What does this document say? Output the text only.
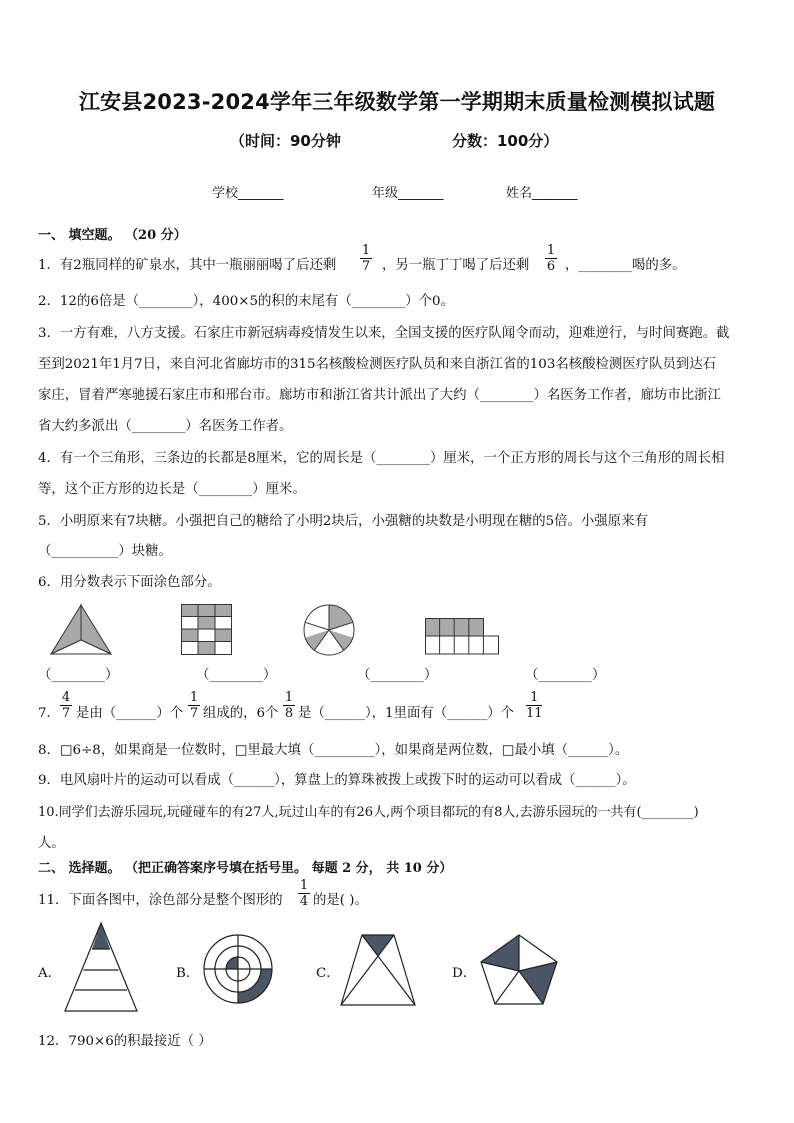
江安县2023-2024学年三年级数学第一学期期末质量检测模拟试题
（时间：90分钟	分数：100分）
学校_______	年级_______	姓名_______
一、 填空题。 （20 分）
1．有2瓶同样的矿泉水，其中一瓶丽丽喝了后还剩
1
7 ，另一瓶丁丁喝了后还剩
1
6 ，________喝的多。
2．12的6倍是（________），400×5的积的末尾有（________）个0。
3．一方有难，八方支援。石家庄市新冠病毒疫情发生以来，全国支援的医疗队闻令而动，迎难逆行，与时间赛跑。截
至到2021年1月7日，来自河北省廊坊市的315名核酸检测医疗队员和来自浙江省的103名核酸检测医疗队员到达石
家庄，冒着严寒驰援石家庄市和邢台市。廊坊市和浙江省共计派出了大约（________）名医务工作者，廊坊市比浙江
省大约多派出（________）名医务工作者。
4．有一个三角形，三条边的长都是8厘米，它的周长是（________）厘米，一个正方形的周长与这个三角形的周长相
等，这个正方形的边长是（________）厘米。
5．小明原来有7块糖。小强把自己的糖给了小明2块后，小强糖的块数是小明现在糖的5倍。小强原来有
（__________）块糖。
6．用分数表示下面涂色部分。
（________）	（________）	（________）	（________）
7．
4
7 是由（______）个
1
7 组成的，6个
1
8 是（______），1里面有（______）个
1
11
8．□6÷8，如果商是一位数时，□里最大填（_________），如果商是两位数，□最小填（______）。
9．电风扇叶片的运动可以看成（______），算盘上的算珠被拨上或拨下时的运动可以看成（______）。
10.同学们去游乐园玩,玩碰碰车的有27人,玩过山车的有26人,两个项目都玩的有8人,去游乐园玩的一共有(________)
人。
二、 选择题。 （把正确答案序号填在括号里。 每题 2 分， 共 10 分）
11．下面各图中，涂色部分是整个图形的
1
4 的是( )。
A．	B．	C．	D．
12．790×6的积最接近（ ）
